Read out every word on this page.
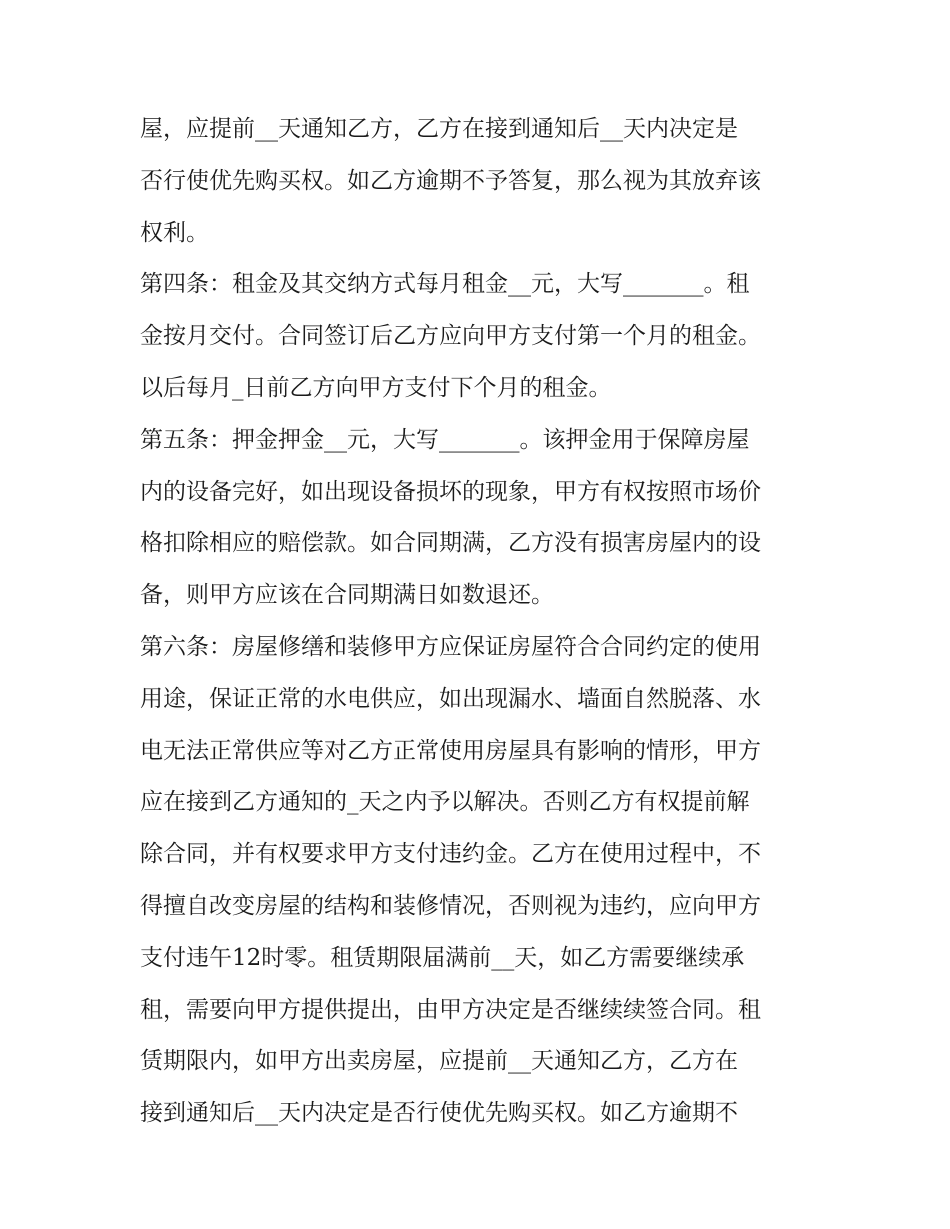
屋，应提前__天通知乙方，乙方在接到通知后__天内决定是
否行使优先购买权。如乙方逾期不予答复，那么视为其放弃该
权利。
第四条：租金及其交纳方式每月租金__元，大写_______。租
金按月交付。合同签订后乙方应向甲方支付第一个月的租金。
以后每月_日前乙方向甲方支付下个月的租金。
第五条：押金押金__元，大写_______。该押金用于保障房屋
内的设备完好，如出现设备损坏的现象，甲方有权按照市场价
格扣除相应的赔偿款。如合同期满，乙方没有损害房屋内的设
备，则甲方应该在合同期满日如数退还。
第六条：房屋修缮和装修甲方应保证房屋符合合同约定的使用
用途，保证正常的水电供应，如出现漏水、墙面自然脱落、水
电无法正常供应等对乙方正常使用房屋具有影响的情形，甲方
应在接到乙方通知的_天之内予以解决。否则乙方有权提前解
除合同，并有权要求甲方支付违约金。乙方在使用过程中，不
得擅自改变房屋的结构和装修情况，否则视为违约，应向甲方
支付违午12时零。租赁期限届满前__天，如乙方需要继续承
租，需要向甲方提供提出，由甲方决定是否继续续签合同。租
赁期限内，如甲方出卖房屋，应提前__天通知乙方，乙方在
接到通知后__天内决定是否行使优先购买权。如乙方逾期不
